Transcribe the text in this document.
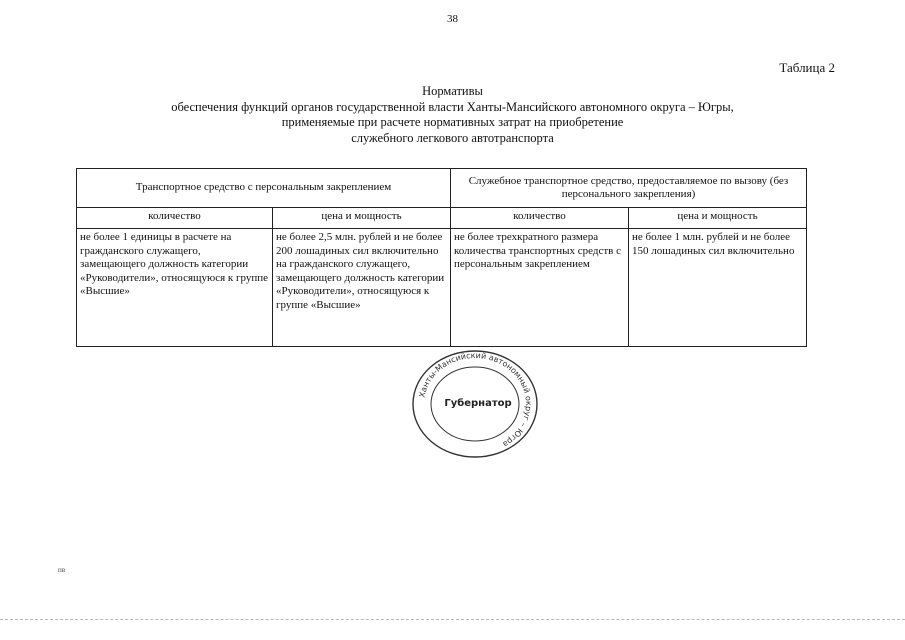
38
Таблица 2
Нормативы
обеспечения функций органов государственной власти Ханты-Мансийского автономного округа – Югры,
применяемые при расчете нормативных затрат на приобретение
служебного легкового автотранспорта
Транспортное средство с персональным закреплением		Служебное транспортное средство, предоставляемое по вызову (без персонального закрепления)	
количество	цена и мощность	количество	цена и мощность
не более 1 единицы в расчете на гражданского служащего, замещающего должность категории «Руководители», относящуюся к группе «Высшие»	не более 2,5 млн. рублей и не более 200 лошадиных сил включительно на гражданского служащего, замещающего должность категории «Руководители», относящуюся к группе «Высшие»	не более трехкратного размера количества транспортных средств с персональным закреплением	не более 1 млн. рублей и не более 150 лошадиных сил включительно
Ханты-Мансийский автономный округ – Югра
Губернатор
пв
